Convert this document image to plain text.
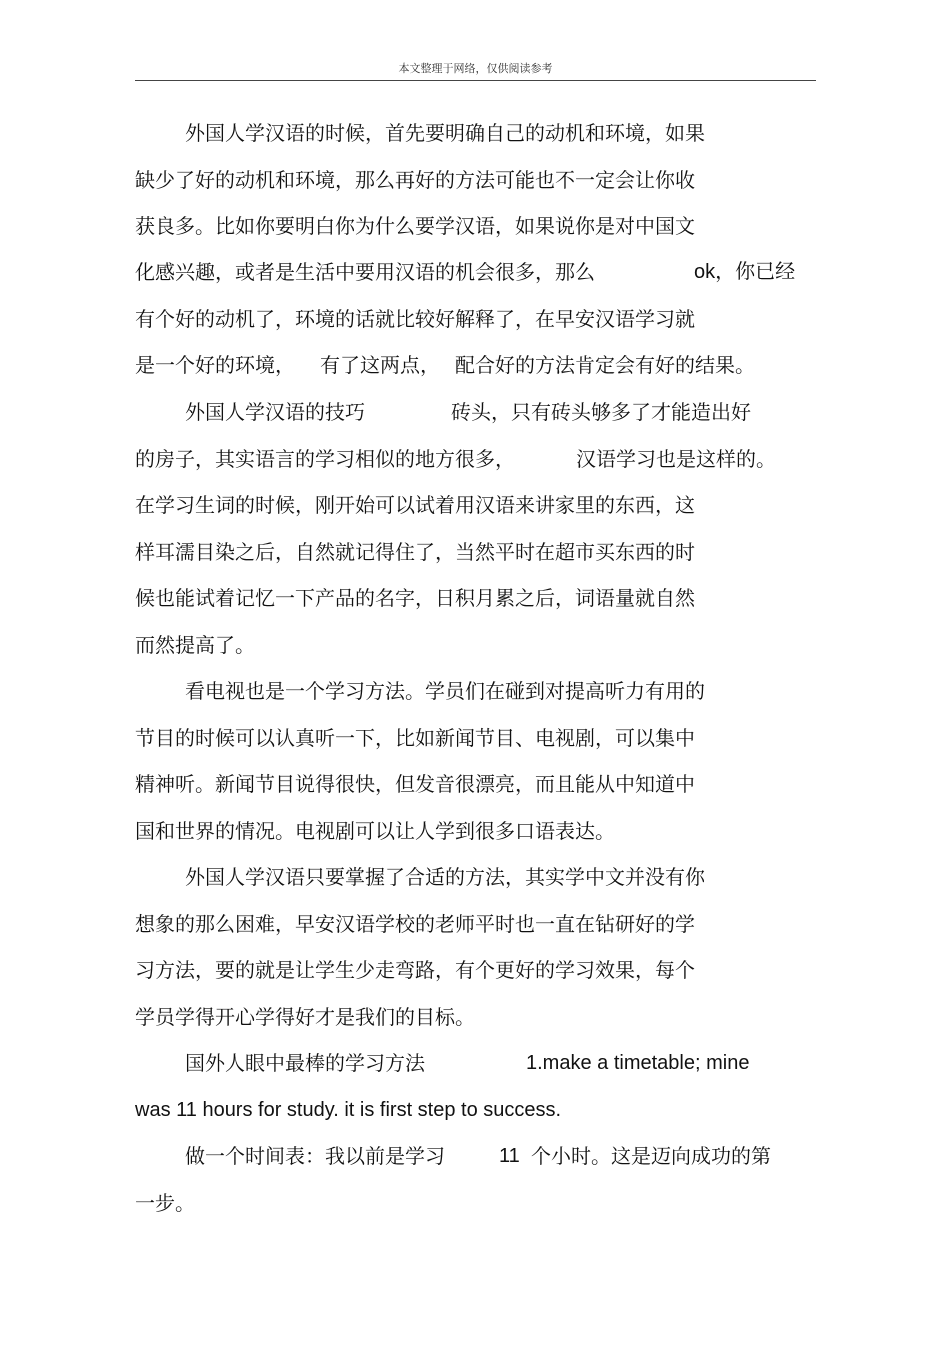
本文整理于网络，仅供阅读参考
外国人学汉语的时候，首先要明确自己的动机和环境，如果
缺少了好的动机和环境，那么再好的方法可能也不一定会让你收
获良多。比如你要明白你为什么要学汉语，如果说你是对中国文
化感兴趣，或者是生活中要用汉语的机会很多，那么	ok，你已经
有个好的动机了，环境的话就比较好解释了，在早安汉语学习就
是一个好的环境， 有了这两点， 配合好的方法肯定会有好的结果。
外国人学汉语的技巧	砖头，只有砖头够多了才能造出好
的房子，其实语言的学习相似的地方很多，	汉语学习也是这样的。
在学习生词的时候，刚开始可以试着用汉语来讲家里的东西，这
样耳濡目染之后，自然就记得住了，当然平时在超市买东西的时
候也能试着记忆一下产品的名字，日积月累之后，词语量就自然
而然提高了。
看电视也是一个学习方法。学员们在碰到对提高听力有用的
节目的时候可以认真听一下，比如新闻节目、电视剧，可以集中
精神听。新闻节目说得很快，但发音很漂亮，而且能从中知道中
国和世界的情况。电视剧可以让人学到很多口语表达。
外国人学汉语只要掌握了合适的方法，其实学中文并没有你
想象的那么困难，早安汉语学校的老师平时也一直在钻研好的学
习方法，要的就是让学生少走弯路，有个更好的学习效果，每个
学员学得开心学得好才是我们的目标。
国外人眼中最棒的学习方法	1.make a timetable; mine
was 11 hours for study. it is first step to success.
做一个时间表：我以前是学习	11 个小时。这是迈向成功的第
一步。
